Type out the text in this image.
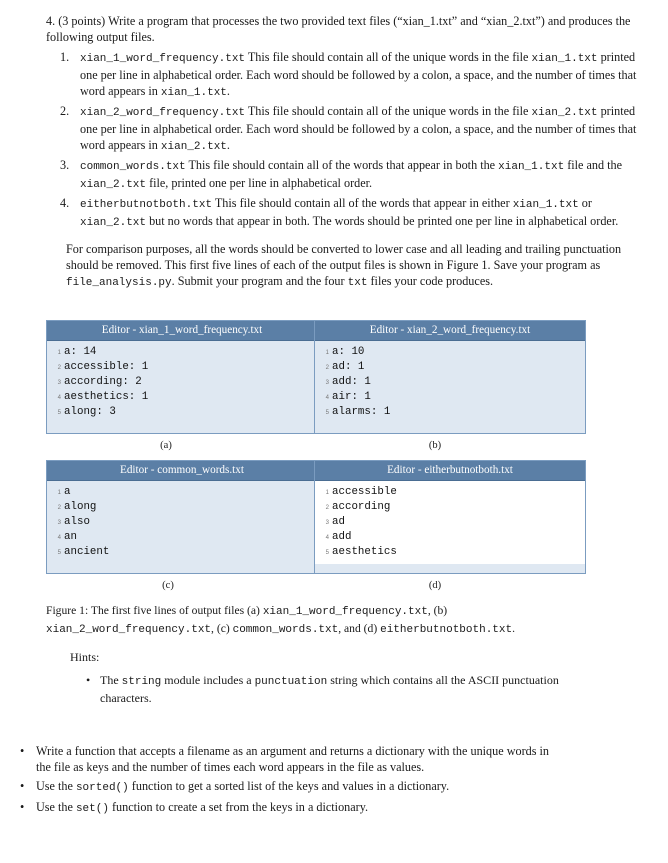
4. (3 points) Write a program that processes the two provided text files (“xian_1.txt” and “xian_2.txt”) and produces the following output files.

1. xian_1_word_frequency.txt This file should contain all of the unique words in the file xian_1.txt printed one per line in alphabetical order. Each word should be followed by a colon, a space, and the number of times that word appears in xian_1.txt.
2. xian_2_word_frequency.txt This file should contain all of the unique words in the file xian_2.txt printed one per line in alphabetical order. Each word should be followed by a colon, a space, and the number of times that word appears in xian_2.txt.
3. common_words.txt This file should contain all of the words that appear in both the xian_1.txt file and the xian_2.txt file, printed one per line in alphabetical order.
4. eitherbutnotboth.txt This file should contain all of the words that appear in either xian_1.txt or xian_2.txt but no words that appear in both. The words should be printed one per line in alphabetical order.

For comparison purposes, all the words should be converted to lower case and all leading and trailing punctuation should be removed. This first five lines of each of the output files is shown in Figure 1. Save your program as file_analysis.py. Submit your program and the four txt files your code produces.

Editor - xian_1_word_frequency.txt
1 a: 14
2 accessible: 1
3 according: 2
4 aesthetics: 1
5 along: 3
(a)
Editor - xian_2_word_frequency.txt
1 a: 10
2 ad: 1
3 add: 1
4 air: 1
5 alarms: 1
(b)
Editor - common_words.txt
1 a
2 along
3 also
4 an
5 ancient
(c)
Editor - eitherbutnotboth.txt
1 accessible
2 according
3 ad
4 add
5 aesthetics
(d)
Figure 1: The first five lines of output files (a) xian_1_word_frequency.txt, (b) xian_2_word_frequency.txt, (c) common_words.txt, and (d) eitherbutnotboth.txt.
Hints:
• The string module includes a punctuation string which contains all the ASCII punctuation characters.
• Write a function that accepts a filename as an argument and returns a dictionary with the unique words in the file as keys and the number of times each word appears in the file as values.
• Use the sorted() function to get a sorted list of the keys and values in a dictionary.
• Use the set() function to create a set from the keys in a dictionary.
